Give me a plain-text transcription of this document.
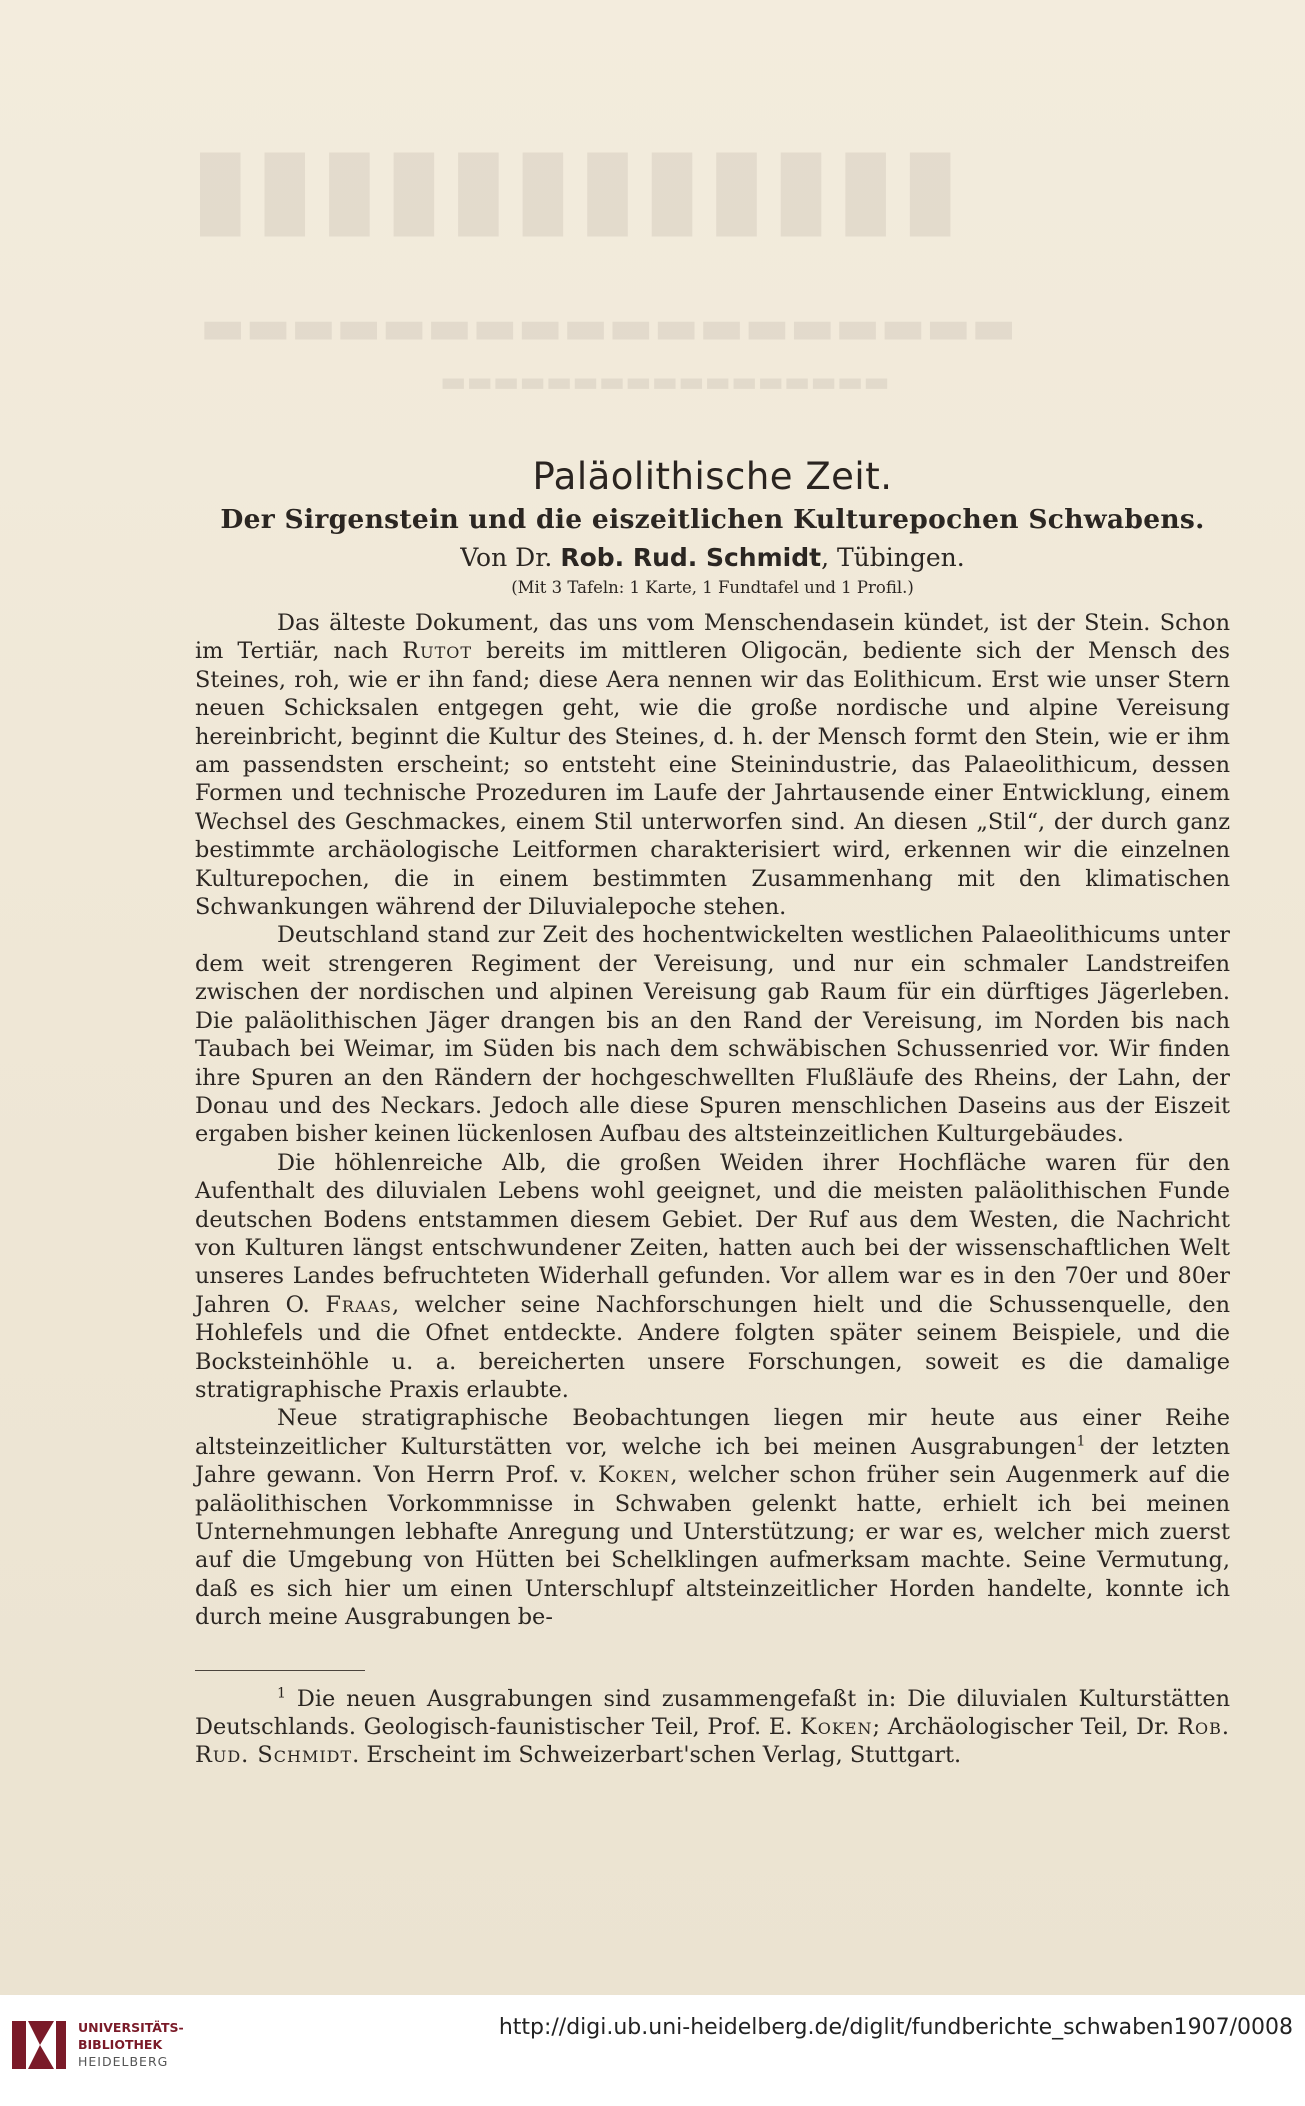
▮▮▮▮▮▮▮▮▮▮▮▮
▬▬▬▬▬▬▬▬▬▬▬▬▬▬▬▬▬▬
▬▬▬▬▬▬▬▬▬▬▬▬▬▬▬▬▬
Paläolithische Zeit.
Der Sirgenstein und die eiszeitlichen Kulturepochen Schwabens.
Von Dr. Rob. Rud. Schmidt, Tübingen.
(Mit 3 Tafeln: 1 Karte, 1 Fundtafel und 1 Profil.)

Das älteste Dokument, das uns vom Menschendasein kündet, ist der Stein. Schon im Tertiär, nach Rutot bereits im mittleren Oligocän, bediente sich der Mensch des Steines, roh, wie er ihn fand; diese Aera nennen wir das Eolithicum. Erst wie unser Stern neuen Schicksalen entgegen geht, wie die große nordische und alpine Vereisung hereinbricht, beginnt die Kultur des Steines, d. h. der Mensch formt den Stein, wie er ihm am passendsten erscheint; so entsteht eine Steinindustrie, das Palaeolithicum, dessen Formen und technische Prozeduren im Laufe der Jahrtausende einer Entwicklung, einem Wechsel des Geschmackes, einem Stil unterworfen sind. An diesen „Stil“, der durch ganz bestimmte archäologische Leitformen charakterisiert wird, erkennen wir die einzelnen Kulturepochen, die in einem bestimmten Zusammenhang mit den klimatischen Schwankungen während der Diluvialepoche stehen.

Deutschland stand zur Zeit des hochentwickelten westlichen Palaeolithicums unter dem weit strengeren Regiment der Vereisung, und nur ein schmaler Landstreifen zwischen der nordischen und alpinen Vereisung gab Raum für ein dürftiges Jägerleben. Die paläolithischen Jäger drangen bis an den Rand der Vereisung, im Norden bis nach Taubach bei Weimar, im Süden bis nach dem schwäbischen Schussenried vor. Wir finden ihre Spuren an den Rändern der hochgeschwellten Flußläufe des Rheins, der Lahn, der Donau und des Neckars. Jedoch alle diese Spuren menschlichen Daseins aus der Eiszeit ergaben bisher keinen lückenlosen Aufbau des altsteinzeitlichen Kulturgebäudes.

Die höhlenreiche Alb, die großen Weiden ihrer Hochfläche waren für den Aufenthalt des diluvialen Lebens wohl geeignet, und die meisten paläolithischen Funde deutschen Bodens entstammen diesem Gebiet. Der Ruf aus dem Westen, die Nachricht von Kulturen längst entschwundener Zeiten, hatten auch bei der wissenschaftlichen Welt unseres Landes befruchteten Widerhall gefunden. Vor allem war es in den 70er und 80er Jahren O. Fraas, welcher seine Nachforschungen hielt und die Schussenquelle, den Hohlefels und die Ofnet entdeckte. Andere folgten später seinem Beispiele, und die Bocksteinhöhle u. a. bereicherten unsere Forschungen, soweit es die damalige stratigraphische Praxis erlaubte.

Neue stratigraphische Beobachtungen liegen mir heute aus einer Reihe altsteinzeitlicher Kulturstätten vor, welche ich bei meinen Ausgrabungen$^1$ der letzten Jahre gewann. Von Herrn Prof. v. Koken, welcher schon früher sein Augenmerk auf die paläolithischen Vorkommnisse in Schwaben gelenkt hatte, erhielt ich bei meinen Unternehmungen lebhafte Anregung und Unterstützung; er war es, welcher mich zuerst auf die Umgebung von Hütten bei Schelklingen aufmerksam machte. Seine Vermutung, daß es sich hier um einen Unterschlupf altsteinzeitlicher Horden handelte, konnte ich durch meine Ausgrabungen be-

$^1$ Die neuen Ausgrabungen sind zusammengefaßt in: Die diluvialen Kulturstätten Deutschlands. Geologisch-faunistischer Teil, Prof. E. Koken; Archäologischer Teil, Dr. Rob. Rud. Schmidt. Erscheint im Schweizerbart'schen Verlag, Stuttgart.

UNIVERSITÄTS-
BIBLIOTHEK
HEIDELBERG
http://digi.ub.uni-heidelberg.de/diglit/fundberichte_schwaben1907/0008
